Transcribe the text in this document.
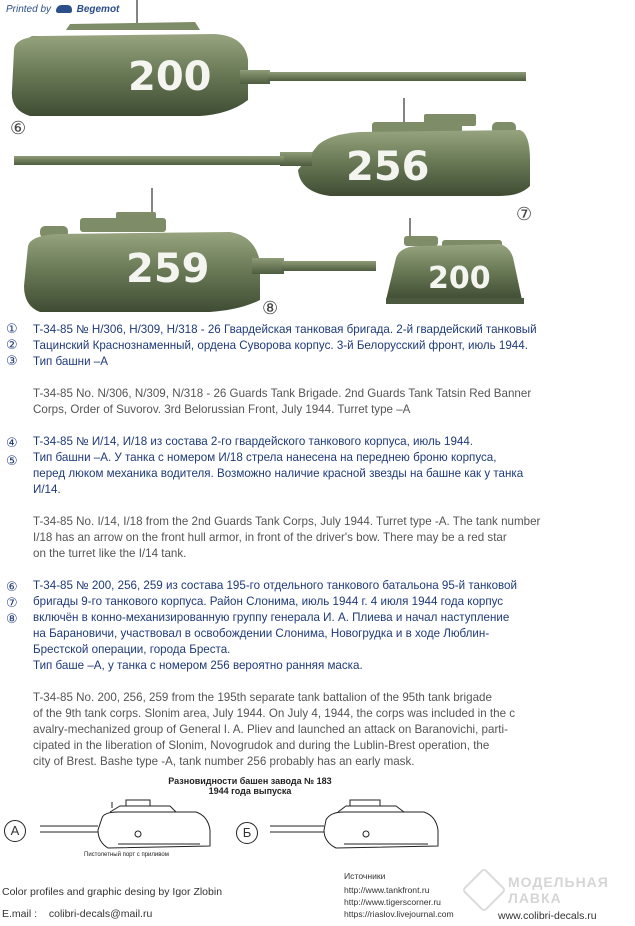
Printed by	Begemot
200
⑥
256
⑦
259
⑧
200
①
②
③
T-34-85 № Н/306, Н/309, Н/318 - 26 Гвардейская танковая бригада. 2-й гвардейский танковый
Тацинский Краснознаменный, ордена Суворова корпус. 3-й Белорусский фронт, июль 1944.
Тип башни –А
T-34-85 No. N/306, N/309, N/318 - 26 Guards Tank Brigade. 2nd Guards Tank Tatsin Red Banner
Corps, Order of Suvorov. 3rd Belorussian Front, July 1944. Turret type –A
④
⑤
T-34-85 № И/14, И/18 из состава 2-го гвардейского танкового корпуса, июль 1944.
Тип башни –А. У танка с номером И/18 стрела нанесена на переднею броню корпуса,
перед люком механика водителя. Возможно наличие красной звезды на башне как у танка
И/14.
T-34-85 No. I/14, I/18 from the 2nd Guards Tank Corps, July 1944. Turret type -A. The tank number
I/18 has an arrow on the front hull armor, in front of the driver's bow. There may be a red star
on the turret like the I/14 tank.
⑥
⑦
⑧
T-34-85 № 200, 256, 259 из состава 195-го отдельного танкового батальона 95-й танковой
бригады 9-го танкового корпуса. Район Слонима, июль 1944 г. 4 июля 1944 года корпус
включён в конно-механизированную группу генерала И. А. Плиева и начал наступление
на Барановичи, участвовал в освобождении Слонима, Новогрудка и в ходе Люблин-
Брестской операции, города Бреста.
Тип баше –А, у танка с номером 256 вероятно ранняя маска.
T-34-85 No. 200, 256, 259 from the 195th separate tank battalion of the 95th tank brigade
of the 9th tank corps. Slonim area, July 1944. On July 4, 1944, the corps was included in the c
avalry-mechanized group of General I. A. Pliev and launched an attack on Baranovichi, parti-
cipated in the liberation of Slonim, Novogrudok and during the Lublin-Brest operation, the
city of Brest. Bashe type -A, tank number 256 probably has an early mask.
Разновидности башен завода № 183
1944 года выпуска
А	Б
Пистолетный порт с приливом
Color profiles and graphic desing by Igor Zlobin
E.mail : colibri-decals@mail.ru
Источники
http://www.tankfront.ru
http://www.tigerscorner.ru
https://riaslov.livejournal.com
МОДЕЛЬНАЯ
ЛАВКА
www.colibri-decals.ru
